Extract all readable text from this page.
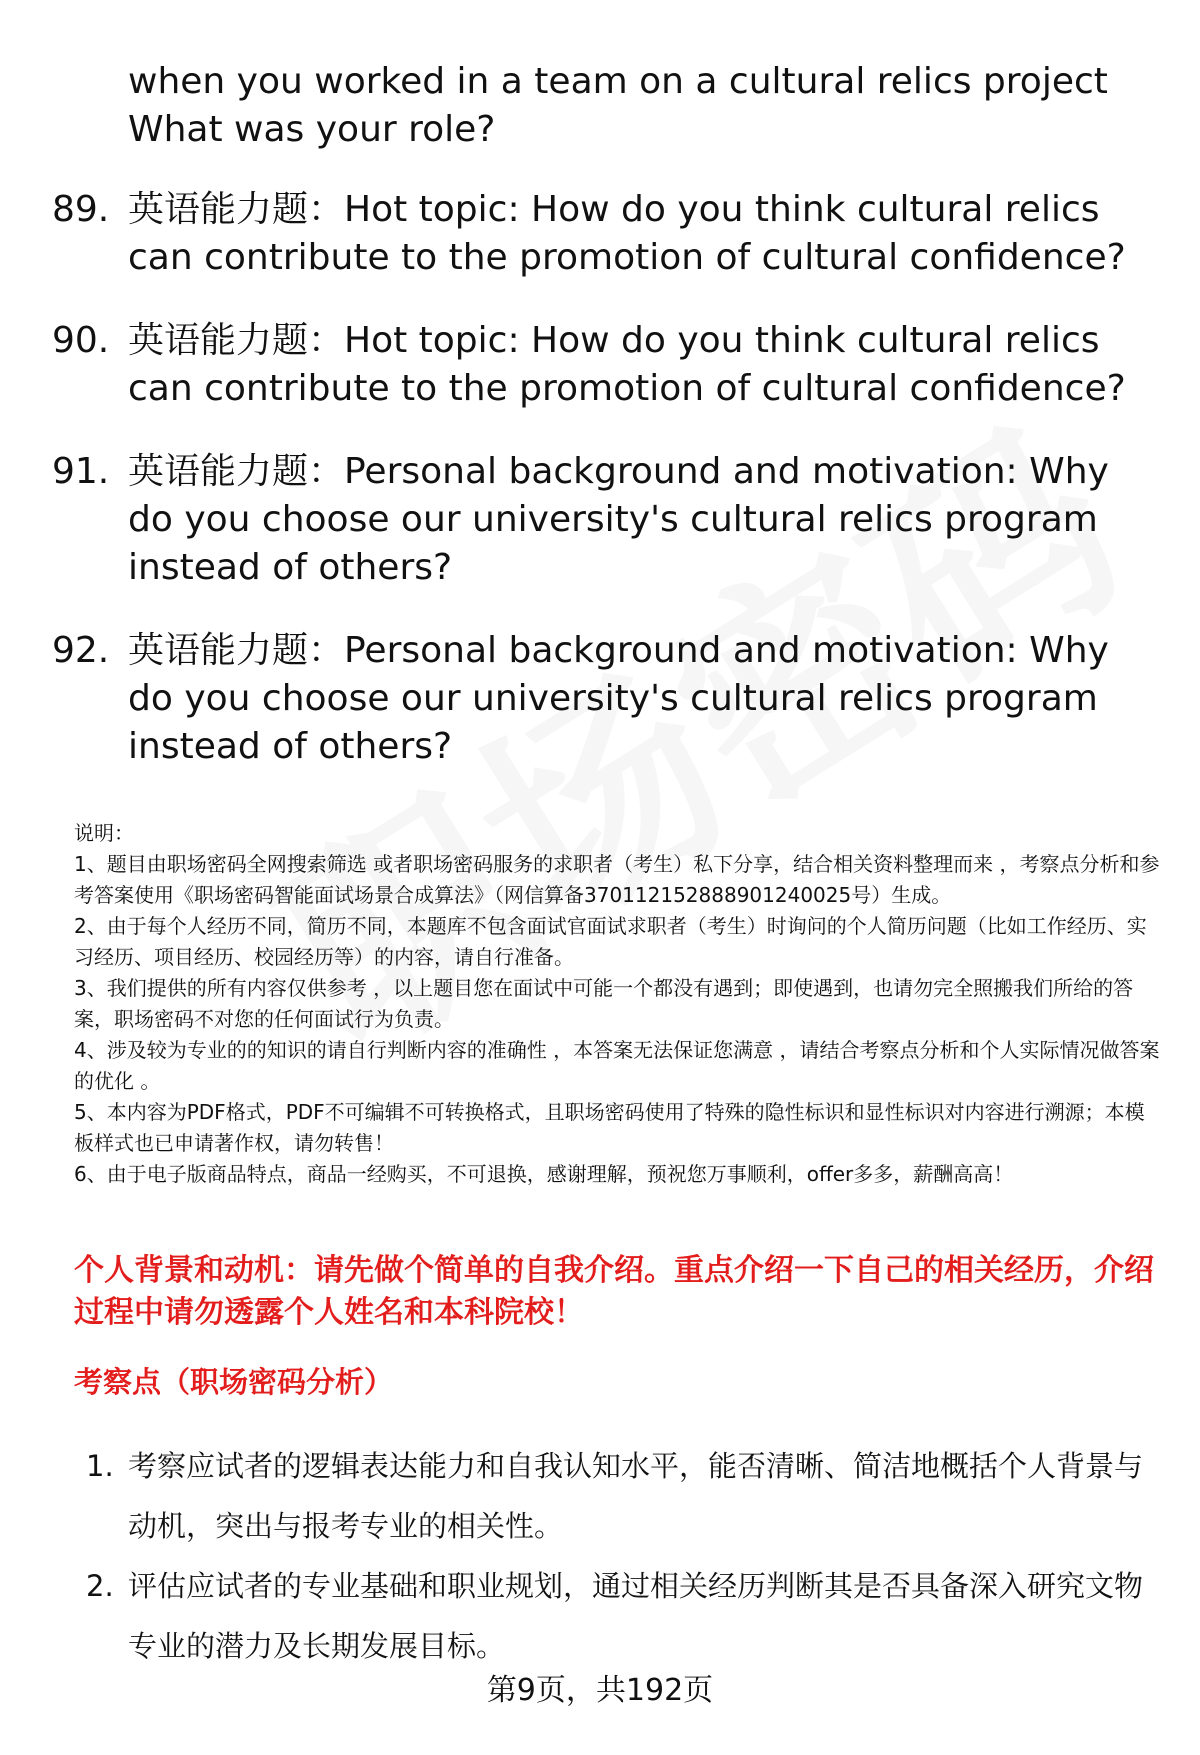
when you worked in a team on a cultural relics project What was your role?
89. 英语能力题：Hot topic: How do you think cultural relics can contribute to the promotion of cultural confidence?
90. 英语能力题：Hot topic: How do you think cultural relics can contribute to the promotion of cultural confidence?
91. 英语能力题：Personal background and motivation: Why do you choose our university's cultural relics program instead of others?
92. 英语能力题：Personal background and motivation: Why do you choose our university's cultural relics program instead of others?

说明：

1、题目由职场密码全网搜索筛选 或者职场密码服务的求职者（考生）私下分享，结合相关资料整理而来 ，考察点分析和参考答案使用《职场密码智能面试场景合成算法》（网信算备370112152888901240025号）生成。

2、由于每个人经历不同，简历不同，本题库不包含面试官面试求职者（考生）时询问的个人简历问题（比如工作经历、实习经历、项目经历、校园经历等）的内容，请自行准备。

3、我们提供的所有内容仅供参考 ，以上题目您在面试中可能一个都没有遇到；即使遇到，也请勿完全照搬我们所给的答案，职场密码不对您的任何面试行为负责。

4、涉及较为专业的的知识的请自行判断内容的准确性 ，本答案无法保证您满意 ，请结合考察点分析和个人实际情况做答案的优化 。

5、本内容为PDF格式，PDF不可编辑不可转换格式，且职场密码使用了特殊的隐性标识和显性标识对内容进行溯源；本模板样式也已申请著作权，请勿转售！

6、由于电子版商品特点，商品一经购买，不可退换，感谢理解，预祝您万事顺利，offer多多，薪酬高高！

个人背景和动机：请先做个简单的自我介绍。重点介绍一下自己的相关经历，介绍过程中请勿透露个人姓名和本科院校！
考察点（职场密码分析）
1. 考察应试者的逻辑表达能力和自我认知水平，能否清晰、简洁地概括个人背景与动机，突出与报考专业的相关性。
2. 评估应试者的专业基础和职业规划，通过相关经历判断其是否具备深入研究文物专业的潜力及长期发展目标。
第9页，共192页
